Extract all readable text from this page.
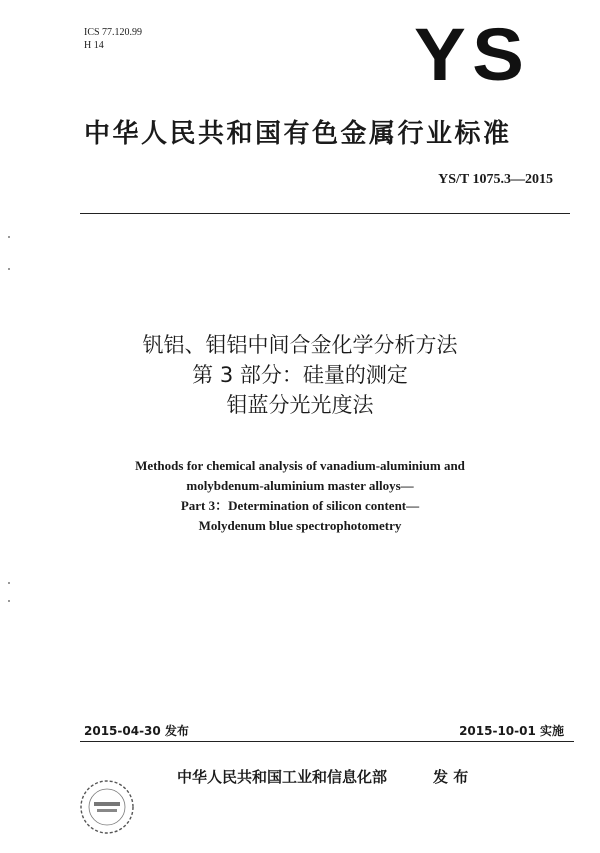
ICS 77.120.99
H 14	YS
中华人民共和国有色金属行业标准
YS/T 1075.3—2015
钒铝、钼铝中间合金化学分析方法
第 3 部分：硅量的测定
钼蓝分光光度法
Methods for chemical analysis of vanadium-aluminium and
molybdenum-aluminium master alloys—
Part 3：Determination of silicon content—
Molydenum blue spectrophotometry
2015-04-30 发布	2015-10-01 实施
中华人民共和国工业和信息化部	发 布
